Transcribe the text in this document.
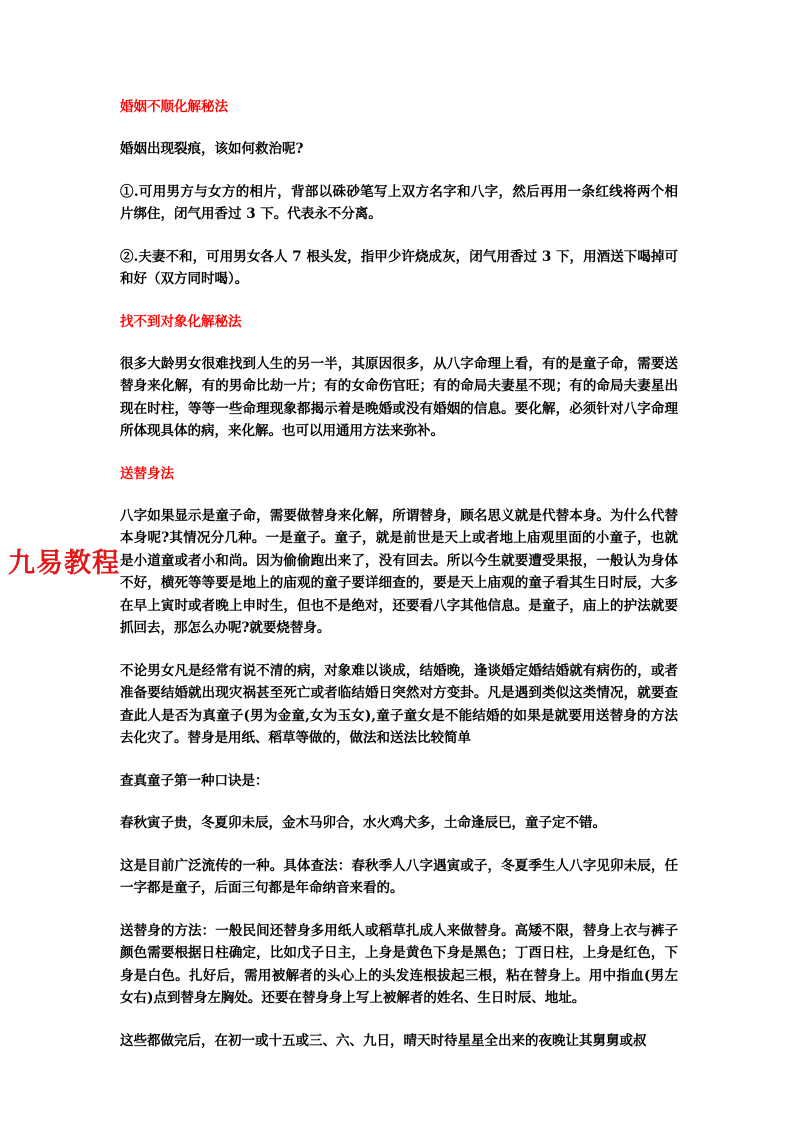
婚姻不顺化解秘法
婚姻出现裂痕，该如何救治呢?
①.可用男方与女方的相片，背部以硃砂笔写上双方名字和八字，然后再用一条红线将两个相片绑住，闭气用香过 3 下。代表永不分离。
②.夫妻不和，可用男女各人 7 根头发，指甲少许烧成灰，闭气用香过 3 下，用酒送下喝掉可和好（双方同时喝）。
找不到对象化解秘法
很多大龄男女很难找到人生的另一半，其原因很多，从八字命理上看，有的是童子命，需要送替身来化解，有的男命比劫一片；有的女命伤官旺；有的命局夫妻星不现；有的命局夫妻星出现在时柱，等等一些命理现象都揭示着是晚婚或没有婚姻的信息。要化解，必须针对八字命理所体现具体的病，来化解。也可以用通用方法来弥补。
送替身法
八字如果显示是童子命，需要做替身来化解，所谓替身，顾名思义就是代替本身。为什么代替本身呢?其情况分几种。一是童子。童子，就是前世是天上或者地上庙观里面的小童子，也就是小道童或者小和尚。因为偷偷跑出来了，没有回去。所以今生就要遭受果报，一般认为身体不好，横死等等要是地上的庙观的童子要详细查的，要是天上庙观的童子看其生日时辰，大多在早上寅时或者晚上申时生，但也不是绝对，还要看八字其他信息。是童子，庙上的护法就要抓回去，那怎么办呢?就要烧替身。
不论男女凡是经常有说不清的病，对象难以谈成，结婚晚，逢谈婚定婚结婚就有病伤的，或者准备要结婚就出现灾祸甚至死亡或者临结婚日突然对方变卦。凡是遇到类似这类情况，就要查查此人是否为真童子(男为金童,女为玉女),童子童女是不能结婚的如果是就要用送替身的方法去化灾了。替身是用纸、稻草等做的，做法和送法比较简单
查真童子第一种口诀是：
春秋寅子贵，冬夏卯未辰，金木马卯合，水火鸡犬多，土命逢辰巳，童子定不错。
这是目前广泛流传的一种。具体查法：春秋季人八字遇寅或子，冬夏季生人八字见卯未辰，任一字都是童子，后面三句都是年命纳音来看的。
送替身的方法：一般民间还替身多用纸人或稻草扎成人来做替身。高矮不限，替身上衣与裤子颜色需要根据日柱确定，比如戊子日主，上身是黄色下身是黑色；丁酉日柱，上身是红色，下身是白色。扎好后，需用被解者的头心上的头发连根拔起三根，粘在替身上。用中指血(男左女右)点到替身左胸处。还要在替身身上写上被解者的姓名、生日时辰、地址。
这些都做完后，在初一或十五或三、六、九日，晴天时待星星全出来的夜晚让其舅舅或叔
九易教程
